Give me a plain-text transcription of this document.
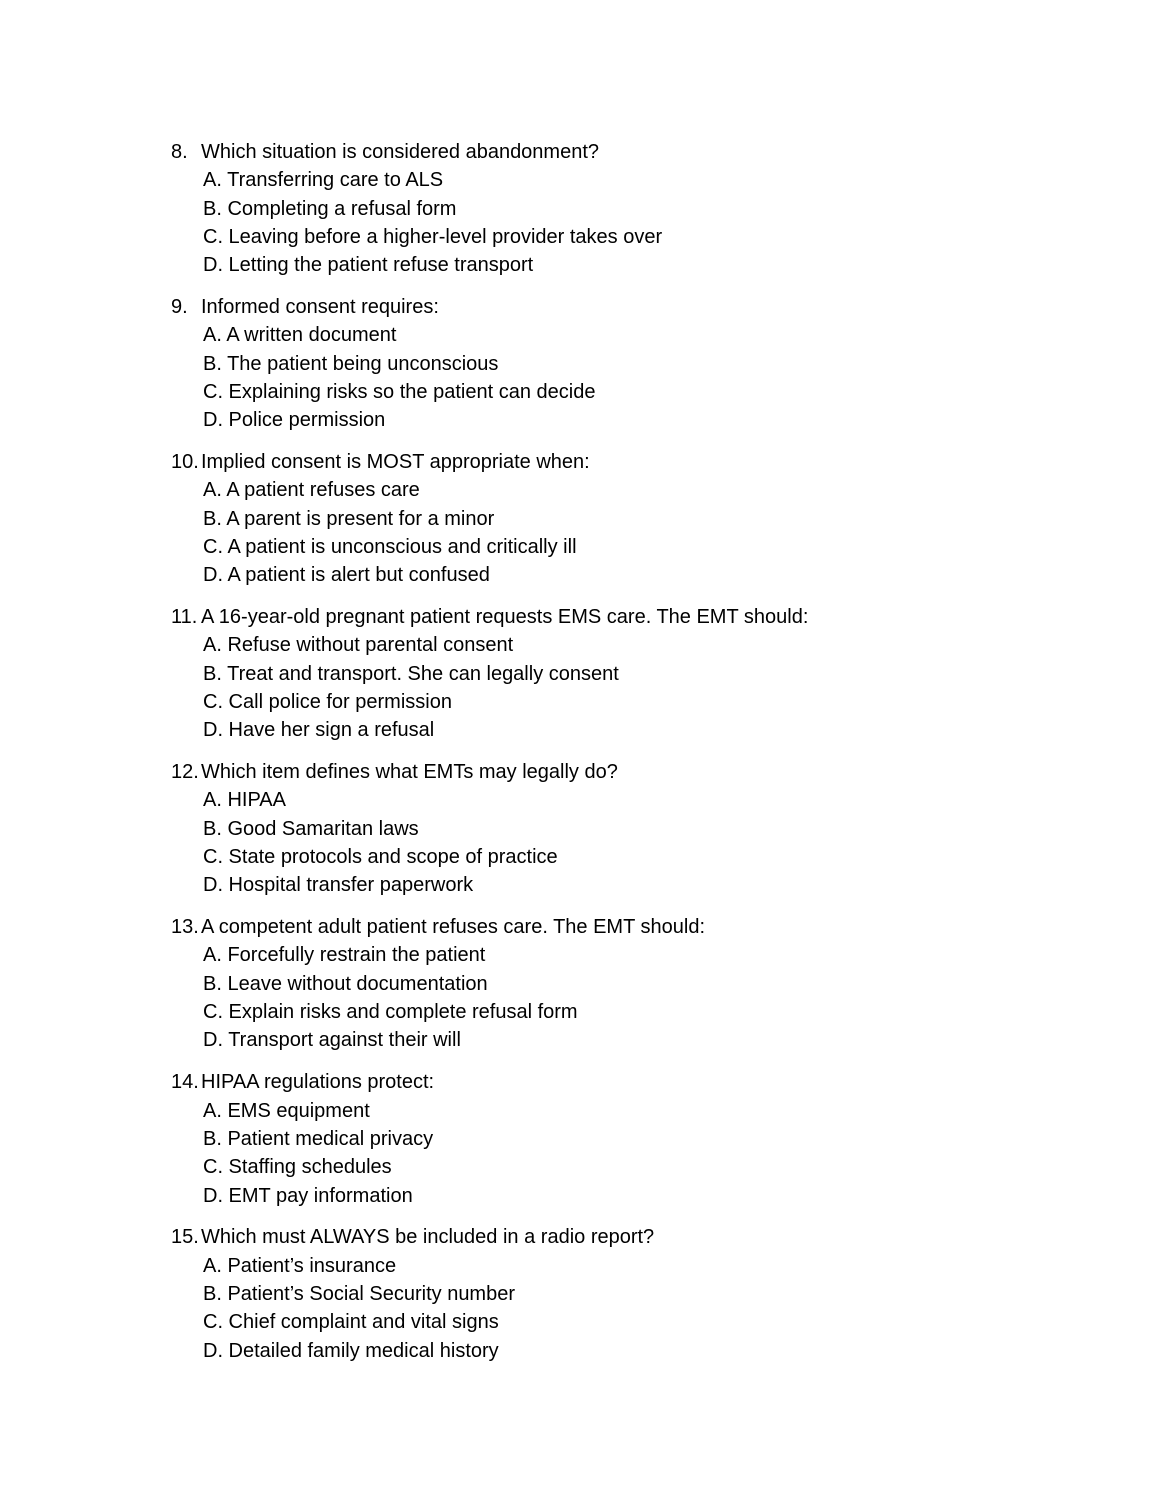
8. Which situation is considered abandonment?
A. Transferring care to ALS
B. Completing a refusal form
C. Leaving before a higher-level provider takes over
D. Letting the patient refuse transport
9. Informed consent requires:
A. A written document
B. The patient being unconscious
C. Explaining risks so the patient can decide
D. Police permission
10. Implied consent is MOST appropriate when:
A. A patient refuses care
B. A parent is present for a minor
C. A patient is unconscious and critically ill
D. A patient is alert but confused
11. A 16-year-old pregnant patient requests EMS care. The EMT should:
A. Refuse without parental consent
B. Treat and transport. She can legally consent
C. Call police for permission
D. Have her sign a refusal
12. Which item defines what EMTs may legally do?
A. HIPAA
B. Good Samaritan laws
C. State protocols and scope of practice
D. Hospital transfer paperwork
13. A competent adult patient refuses care. The EMT should:
A. Forcefully restrain the patient
B. Leave without documentation
C. Explain risks and complete refusal form
D. Transport against their will
14. HIPAA regulations protect:
A. EMS equipment
B. Patient medical privacy
C. Staffing schedules
D. EMT pay information
15. Which must ALWAYS be included in a radio report?
A. Patient’s insurance
B. Patient’s Social Security number
C. Chief complaint and vital signs
D. Detailed family medical history
